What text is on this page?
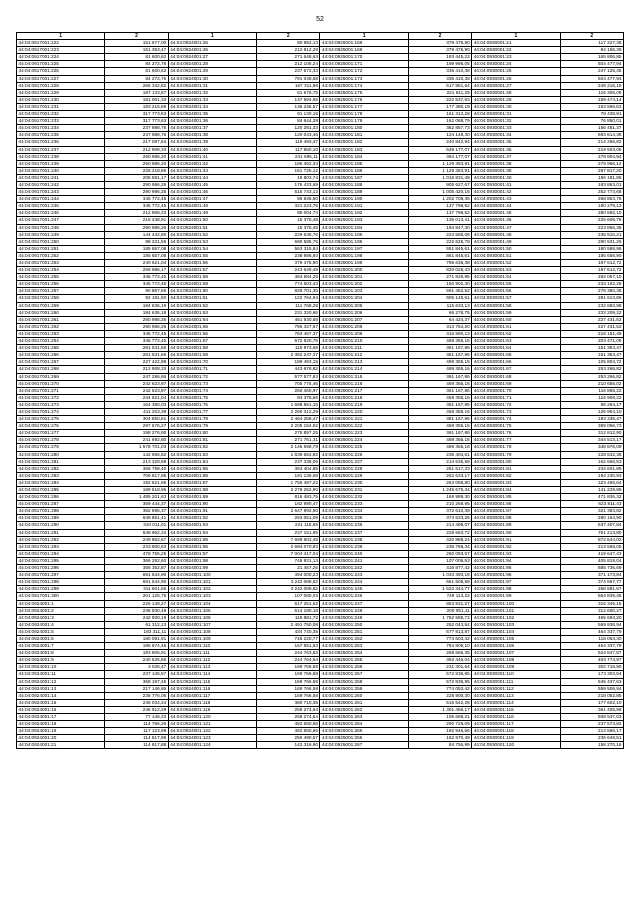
52
1	2	1	2	1	2	1	2
44:04:0917001:222	151 677,00	44:04:0924001:25	80 952,13	44:04:0925001:168	379 475,90	44:04:0930001:21	117 227,38
44:04:0917001:223	151 353,47	44:04:0924001:26	212 812,29	44:04:0925001:169	379 475,90	44:04:0930001:22	84 156,38
44:04:0917001:224	81 600,62	44:04:0924001:27	271 648,63	44:04:0925001:170	193 445,22	44:04:0930001:23	165 806,85
44:04:0917001:225	84 272,76	44:04:0924001:28	212 106,24	44:04:0925001:171	199 995,05	44:04:0930001:24	504 477,94
44:04:0917001:226	81 600,62	44:04:0924001:29	237 672,33	44:04:0925001:172	336 410,38	44:04:0930001:25	247 125,45
44:04:0917001:227	84 272,76	44:04:0924001:30	791 048,58	44:04:0925001:173	336 410,38	44:04:0930001:26	504 477,94
44:04:0917001:228	265 342,82	44:04:0924001:31	167 311,98	44:04:0925001:174	517 851,64	44:04:0930001:27	249 216,15
44:04:0917001:229	187 133,67	44:04:0924001:32	61 675,75	44:04:0925001:175	221 611,29	44:04:0930001:28	115 306,06
44:04:0917001:230	181 061,33	44:04:0924001:33	137 594,55	44:04:0925001:176	222 537,83	44:04:0930001:29	159 474,14
44:04:0917001:231	183 215,89	44:04:0924001:34	136 246,57	44:04:0925001:177	177 380,19	44:04:0930001:30	153 596,63
44:04:0917001:232	317 773,63	44:04:0924001:35	91 130,16	44:04:0925001:178	161 312,28	44:04:0930001:31	78 438,91
44:04:0917001:233	317 773,63	44:04:0924001:36	84 644,28	44:04:0925001:179	162 068,79	44:04:0930001:32	76 850,01
44:04:0917001:234	237 988,76	44:04:0924001:37	120 281,33	44:04:0925001:180	362 857,73	44:04:0930001:33	156 481,37
44:04:0917001:235	237 988,76	44:04:0924001:38	120 043,46	44:04:0925001:181	124 148,30	44:04:0930001:34	693 614,36
44:04:0917001:236	217 087,64	44:04:0924001:39	119 493,47	44:04:0925001:182	240 842,94	44:04:0930001:35	214 256,82
44:04:0917001:237	212 908,33	44:04:0924001:40	117 850,10	44:04:0925001:183	549 177,07	44:04:0930001:36	219 503,06
44:04:0917001:238	250 986,20	44:04:0924001:41	231 695,11	44:04:0925001:184	394 177,07	44:04:0930001:37	278 804,94
44:04:0917001:239	250 986,20	44:04:0924001:42	186 462,33	44:04:0925001:185	1 129 383,91	44:04:0930001:38	279 956,12
44:04:0917001:240	225 218,86	44:04:0924001:43	161 725,12	44:04:0925001:186	1 129 383,91	44:04:0930001:39	287 817,20
44:04:0917001:241	205 591,17	44:04:0924001:44	19 803,74	44:04:0925001:187	1 016 831,49	44:04:0930001:40	156 181,86
44:04:0917001:242	290 986,26	44:04:0924001:45	176 433,69	44:04:0925001:188	905 627,67	44:04:0930001:41	183 863,01
44:04:0917001:243	290 986,26	44:04:0924001:46	615 743,13	44:04:0925001:189	1 005 420,16	44:04:0930001:42	252 773,68
44:04:0917001:244	345 772,45	44:04:0924001:47	95 845,50	44:04:0925001:190	1 202 708,35	44:04:0930001:43	258 853,76
44:04:0917001:245	345 772,45	44:04:0924001:48	321 223,76	44:04:0925001:191	137 798,62	44:04:0930001:44	180 279,13
44:04:0917001:246	212 968,33	44:04:0924001:49	95 004,74	44:04:0925001:192	137 798,62	44:04:0930001:45	280 682,10
44:04:0917001:247	218 438,91	44:04:0924001:50	15 375,48	44:04:0925001:193	136 013,41	44:04:0930001:46	225 606,78
44:04:0917001:248	290 986,26	44:04:0924001:51	15 375,48	44:04:0925001:194	194 847,30	44:04:0930001:47	223 856,38
44:04:0917001:249	144 442,80	44:04:0924001:52	229 636,76	44:04:0925001:195	224 565,06	44:04:0930001:48	235 510,21
44:04:0917001:250	98 221,55	44:04:0924001:53	690 585,75	44:04:0925001:196	222 625,79	44:04:0930001:49	290 531,26
44:04:0917001:251	185 657,08	44:04:0924001:54	563 315,84	44:04:0925001:197	551 845,61	44:04:0930001:50	180 588,96
44:04:0917001:252	185 657,08	44:04:0924001:55	238 986,93	44:04:0925001:198	861 845,61	44:04:0930001:51	185 656,90
44:04:0917001:253	240 621,04	44:04:0924001:56	379 475,90	44:04:0925001:199	796 636,38	44:04:0930001:52	187 612,72
44:04:0917001:254	259 986,17	44:04:0924001:57	243 649,49	44:04:0925001:200	820 026,43	44:04:0930001:53	187 612,72
44:04:0917001:255	345 772,45	44:04:0924001:58	454 584,26	44:04:0925001:201	271 829,96	44:04:0930001:54	282 057,10
44:04:0917001:256	345 772,45	44:04:0924001:59	774 603,43	44:04:0925001:202	150 902,30	44:04:0930001:55	233 162,28
44:04:0917001:257	90 867,56	44:04:0924001:60	925 701,35	44:04:0925001:203	591 462,52	44:04:0930001:56	278 350,38
44:04:0917001:258	92 181,50	44:04:0924001:61	122 764,94	44:04:0925001:204	906 145,61	44:04:0930001:57	281 613,86
44:04:0917001:259	184 636,19	44:04:0924001:62	111 768,28	44:04:0925001:205	115 633,13	44:04:0930001:58	232 683,98
44:04:0917001:260	184 636,19	44:04:0924001:63	231 320,66	44:04:0925001:206	66 278,75	44:04:0930001:59	233 209,22
44:04:0917001:261	290 986,26	44:04:0924001:64	461 930,68	44:04:0925001:207	64 424,37	44:04:0930001:60	227 431,52
44:04:0917001:262	290 986,26	44:04:0924001:65	756 327,67	44:04:0925001:208	313 754,20	44:04:0930001:61	227 431,52
44:04:0917001:263	345 772,45	44:04:0924001:66	763 457,37	44:04:0925001:209	316 590,13	44:04:0930001:62	218 151,49
44:04:0917001:264	345 772,45	44:04:0924001:67	672 820,76	44:04:0925001:210	459 355,16	44:04:0930001:63	203 471,06
44:04:0917001:265	281 531,66	44:04:0924001:68	115 973,69	44:04:0925001:211	361 167,86	44:04:0930001:64	151 353,47
44:04:0917001:266	281 531,66	44:04:0924001:69	2 382 247,37	44:04:0925001:212	361 167,86	44:04:0930001:65	151 353,47
44:04:0917001:267	227 422,88	44:04:0924001:70	189 493,15	44:04:0925001:213	489 355,16	44:04:0930001:66	105 804,72
44:04:0917001:268	212 908,33	44:04:0924001:71	443 678,82	44:04:0925001:214	489 355,16	44:04:0930001:67	253 266,82
44:04:0917001:269	247 286,66	44:04:0924001:72	577 577,83	44:04:0925001:215	361 167,86	44:04:0930001:68	253 266,82
44:04:0917001:270	242 623,97	44:04:0924001:73	705 775,46	44:04:0925001:216	459 355,16	44:04:0930001:69	210 655,02
44:04:0917001:271	242 623,97	44:04:0924001:74	250 460,97	44:04:0925001:217	361 167,86	44:04:0930001:70	116 865,22
44:04:0917001:272	244 621,04	44:04:0924001:75	93 376,66	44:04:0925001:218	459 355,16	44:04:0930001:71	116 908,22
44:04:0917001:273	164 380,03	44:04:0924001:76	1 698 561,16	44:04:0925001:219	361 167,86	44:04:0930001:72	98 264,17
44:04:0917001:274	411 203,39	44:04:0924001:77	2 260 312,29	44:04:0925001:220	459 355,16	44:04:0930001:73	126 954,10
44:04:0917001:275	304 850,51	44:04:0924001:78	2 464 258,47	44:04:0925001:221	381 167,86	44:04:0930001:74	193 336,47
44:04:0917001:276	297 576,27	44:04:0924001:79	2 205 154,52	44:04:0925001:222	459 355,16	44:04:0930001:75	359 066,73
44:04:0917001:277	198 276,90	44:04:0924001:80	275 897,25	44:04:0925001:223	361 167,86	44:04:0930001:76	312 812,90
44:04:0917001:278	241 692,80	44:04:0924001:81	271 761,31	44:04:0925001:224	489 355,16	44:04:0930001:77	344 513,17
44:04:0917001:279	1 578 701,03	44:04:0924001:82	2 146 598,79	44:04:0925001:225	489 355,16	44:04:0930001:78	348 876,09
44:04:0917001:280	142 956,82	44:04:0924001:83	1 639 654,92	44:04:0925001:226	236 404,61	44:04:0930001:79	228 532,38
44:04:0917001:281	213 328,88	44:04:0924001:84	237 336,06	44:04:0925001:227	214 636,58	44:04:0930001:80	162 666,53
44:04:0917001:282	365 798,40	44:04:0924001:85	363 404,85	44:04:0925001:228	251 617,33	44:04:0930001:81	234 601,86
44:04:0917001:283	709 817,95	44:04:0924001:86	191 136,08	44:04:0925001:229	262 633,17	44:04:0930001:82	194 230,93
44:04:0917001:284	192 821,95	44:04:0924001:87	1 755 487,22	44:04:0925001:230	263 058,80	44:04:0930001:83	123 466,64
44:04:0917001:285	189 618,96	44:04:0924001:88	2 278 252,90	44:04:0925001:231	1 245 675,34	44:04:0930001:84	141 229,89
44:04:0917001:286	1 485 201,63	44:04:0924001:89	816 483,75	44:04:0925001:232	169 989,30	44:04:0930001:85	471 836,32
44:04:0917001:287	369 444,37	44:04:0924001:90	182 990,47	44:04:0925001:233	210 268,95	44:04:0930001:86	623 811,43
44:04:0917001:288	382 695,37	44:04:0924001:91	2 647 992,56	44:04:0925001:234	372 610,39	44:04:0930001:87	321 383,82
44:04:0917001:289	849 861,41	44:04:0924001:92	253 061,09	44:04:0925001:235	373 633,26	44:04:0930001:88	280 164,90
44:04:0917001:290	310 011,01	44:04:0924001:93	221 115,65	44:04:0925001:236	214 495,07	44:04:0930001:89	637 407,84
44:04:0917001:291	649 962,34	44:04:0924001:94	237 151,95	44:04:0925001:237	228 663,72	44:04:0930001:90	761 213,80
44:04:0917001:292	249 862,67	44:04:0924001:95	7 699 903,48	44:04:0925001:238	420 888,24	44:04:0930001:91	872 644,02
44:04:0917001:293	233 800,63	44:04:0924001:96	2 694 070,93	44:04:0925001:239	235 768,34	44:04:0930001:92	213 568,05
44:04:0917001:294	478 755,25	44:04:0924001:97	7 004 417,04	44:04:0925001:240	260 093,57	44:04:0930001:93	419 647,43
44:04:0917001:295	366 292,60	44:04:0924001:98	746 931,13	44:04:0925001:241	107 006,53	44:04:0930001:94	405 819,04
44:04:0917001:296	358 352,87	44:04:0924001:99	21 467,26	44:04:0925001:242	416 877,42	44:04:0930001:95	685 736,69
44:04:0917001:297	691 544,90	44:04:0924001:100	394 000,23	44:04:0925001:243	1 033 393,16	44:04:0930001:96	371 173,84
44:04:0917001:298	691 544,90	44:04:0924001:101	3 242 089,82	44:04:0925001:244	661 505,58	44:04:0930001:97	374 667,77
44:04:0917001:299	311 601,66	44:04:0924001:102	3 242 089,82	44:04:0925001:245	1 622 344,77	44:04:0930001:98	258 681,67
44:04:0917001:300	201 125,75	44:04:0924001:103	107 080,03	44:04:0925001:246	749 113,22	44:04:0930001:99	564 839,45
44:04:0924001:1	226 148,27	44:04:0924001:104	617 251,62	44:04:0925001:247	853 931,27	44:04:0930001:100	316 349,15
44:04:0924001:2	236 930,48	44:04:0924001:105	514 180,18	44:04:0925001:248	200 051,11	44:04:0930001:101	312 600,27
44:04:0924001:3	242 500,19	44:04:0924001:106	119 881,72	44:04:0925001:249	1 762 588,72	44:04:0930001:102	465 693,20
44:04:0924001:4	61 312,13	44:04:0924001:107	2 491 750,08	44:04:0925001:250	252 043,54	44:04:0930001:103	569 936,94
44:04:0924001:5	183 311,11	44:04:0924001:108	434 740,35	44:04:0925001:251	677 813,87	44:04:0930001:104	464 337,79
44:04:0924001:6	180 091,91	44:04:0924001:109	745 220,77	44:04:0925001:252	773 603,42	44:04:0930001:105	118 063,30
44:04:0924001:7	186 674,46	44:04:0924001:110	167 551,63	44:04:0925001:253	784 809,10	44:04:0930001:106	464 337,79
44:04:0924001:8	183 805,91	44:04:0924001:111	244 763,63	44:04:0925001:254	269 666,36	44:04:0930001:107	524 647,87
44:04:0924001:9	240 625,86	44:04:0924001:112	244 764,64	44:04:0925001:255	362 446,04	44:04:0930001:108	403 774,97
44:04:0924001:10	3 025,47	44:04:0924001:113	169 766,58	44:04:0925001:256	231 301,64	44:04:0930001:109	302 716,90
44:04:0924001:11	237 145,57	44:04:0924001:114	169 766,58	44:04:0925001:257	572 836,95	44:04:0930001:110	173 303,54
44:04:0924001:12	368 197,45	44:04:0924001:115	169 766,58	44:04:0925001:258	572 836,95	44:04:0930001:111	545 437,63
44:04:0924001:13	217 146,86	44:04:0924001:116	169 766,58	44:04:0925001:259	774 053,42	44:04:0930001:112	559 506,94
44:04:0924001:14	238 776,06	44:04:0924001:117	169 766,58	44:04:0925001:260	228 900,30	44:04:0930001:113	218 052,85
44:04:0924001:15	246 034,24	44:04:0924001:118	380 710,35	44:04:0925001:261	516 542,28	44:04:0930001:114	177 602,10
44:04:0924001:16	246 912,29	44:04:0924001:119	258 274,64	44:04:0925001:262	1 301 456,17	44:04:0930001:115	361 405,98
44:04:0924001:17	77 146,33	44:04:0924001:120	258 274,64	44:04:0925001:263	105 688,21	44:04:0930001:116	508 537,03
44:04:0924001:18	114 766,26	44:04:0924001:121	482 650,66	44:04:0925001:264	290 726,09	44:04:0930001:117	237 573,82
44:04:0924001:19	117 123,98	44:04:0924001:122	482 650,66	44:04:0925001:265	192 946,66	44:04:0930001:118	214 566,17
44:04:0924001:20	114 817,88	44:04:0924001:123	250 490,57	44:04:0925001:266	162 970,49	44:04:0930001:119	236 649,51
44:04:0924001:21	114 817,88	44:04:0924001:124	142 316,90	44:04:0925001:267	84 756,99	44:04:0930001:120	158 270,16
